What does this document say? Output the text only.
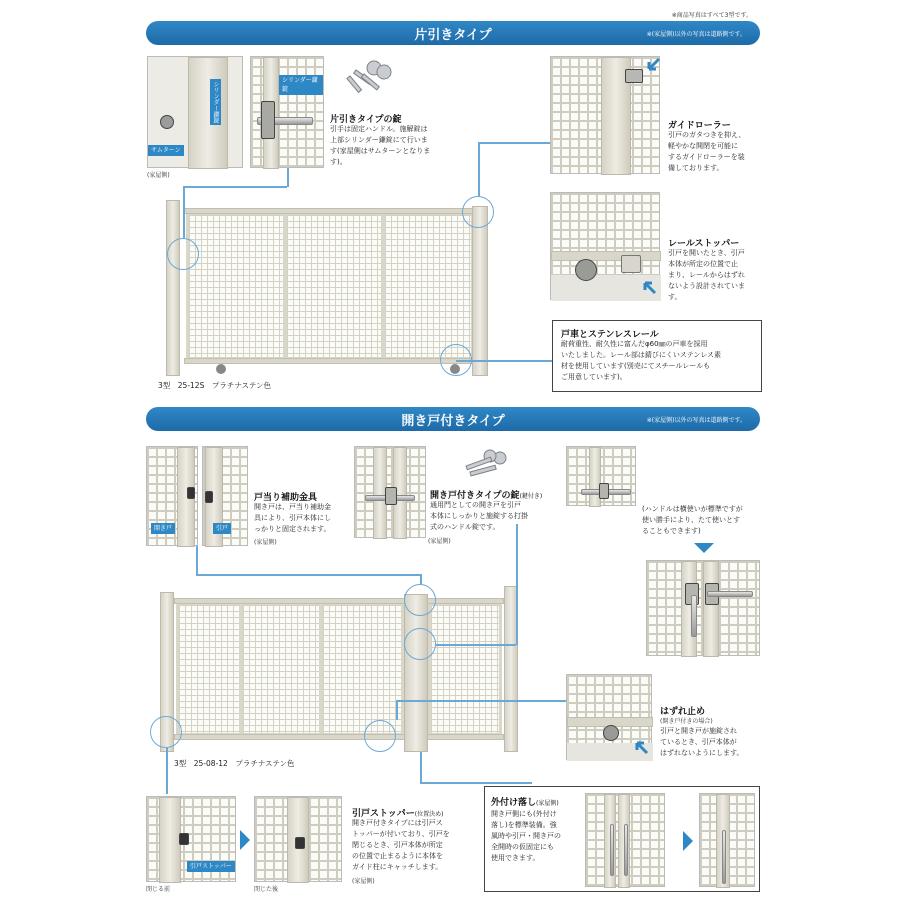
※商品写真はすべて3型です。
片引きタイプ	※(家屋側)以外の写真は道路側です。
シリンダー鎌錠
サムターン
(家屋側)
シリンダー鎌錠
片引きタイプの錠
引手は固定ハンドル。施解錠は
上部シリンダー鎌錠にて行いま
す(家屋側はサムターンとなりま
す)。
ガイドローラー
引戸のガタつきを抑え、
軽やかな開閉を可能に
するガイドローラーを装
備しております。
レールストッパー
引戸を開いたとき、引戸
本体が所定の位置で止
まり、レールからはずれ
ないよう設計されていま
す。
戸車とステンレスレール
耐荷重性、耐久性に富んだφ60㎜の戸車を採用
いたしました。レール部は錆びにくいステンレス素
材を使用しています(別売にてスチールレールも
ご用意しています)。
3型　25-12S　プラチナステン色
開き戸付きタイプ	※(家屋側)以外の写真は道路側です。
開き戸	引戸
戸当り補助金具
開き戸は、戸当り補助金
具により、引戸本体にし
っかりと固定されます。
(家屋側)	(家屋側)
開き戸付きタイプの錠(鍵付き)
通用門としての開き戸を引戸
本体にしっかりと施錠する打掛
式のハンドル錠です。
(ハンドルは横使いが標準ですが
使い勝手により、たて使いとす
ることもできます)
3型　25-08-12　プラチナステン色
はずれ止め
(開き戸付きの場合)
引戸と開き戸が施錠され
ているとき、引戸本体が
はずれないようにします。
引戸ストッパー
閉じる前	閉じた後
引戸ストッパー(位置決め)
開き戸付きタイプには引戸ス
トッパーが付いており、引戸を
閉じるとき、引戸本体が所定
の位置で止まるように本体を
ガイド柱にキャッチします。
(家屋側)
外付け落し(家屋側)
開き戸側にも(外付け
落し)を標準装備。強
風時や引戸・開き戸の
全開時の仮固定にも
使用できます。
